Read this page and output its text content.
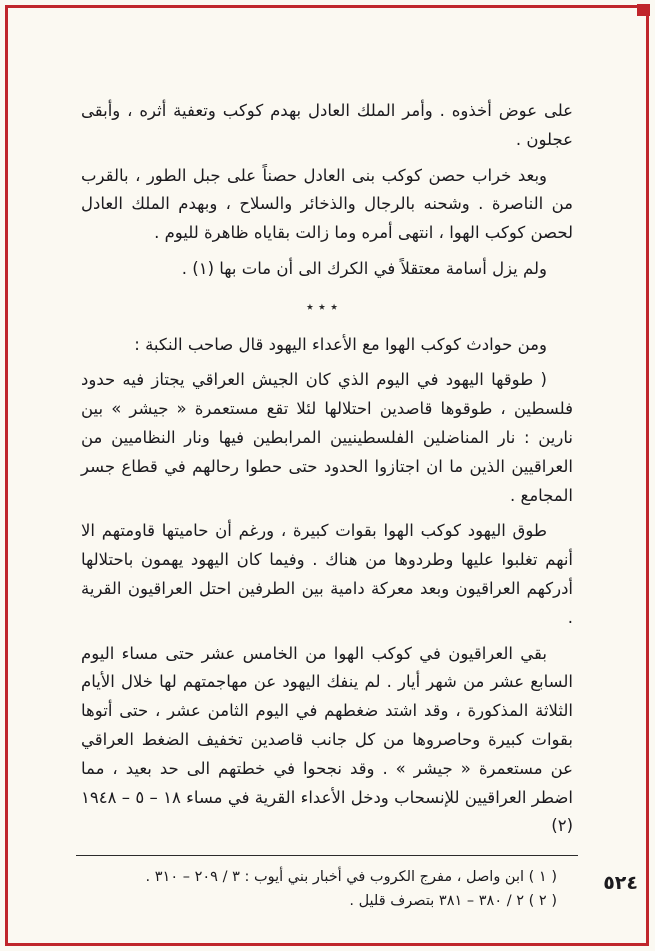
على عوض أخذوه . وأمر الملك العادل بهدم كوكب وتعفية أثره ، وأبقى عجلون .

وبعد خراب حصن كوكب بنى العادل حصناً على جبل الطور ، بالقرب من الناصرة . وشحنه بالرجال والذخائر والسلاح ، وبهدم الملك العادل لحصن كوكب الهوا ، انتهى أمره وما زالت بقاياه ظاهرة لليوم .

ولم يزل أسامة معتقلاً في الكرك الى أن مات بها (١) .

٭ ٭ ٭

ومن حوادث كوكب الهوا مع الأعداء اليهود قال صاحب النكبة :

( طوقها اليهود في اليوم الذي كان الجيش العراقي يجتاز فيه حدود فلسطين ، طوقوها قاصدين احتلالها لئلا تقع مستعمرة « جيشر » بين نارين : نار المناضلين الفلسطينيين المرابطين فيها ونار النظاميين من العراقيين الذين ما ان اجتازوا الحدود حتى حطوا رحالهم في قطاع جسر المجامع .

طوق اليهود كوكب الهوا بقوات كبيرة ، ورغم أن حاميتها قاومتهم الا أنهم تغلبوا عليها وطردوها من هناك . وفيما كان اليهود يهمون باحتلالها أدركهم العراقيون وبعد معركة دامية بين الطرفين احتل العراقيون القرية .

بقي العراقيون في كوكب الهوا من الخامس عشر حتى مساء اليوم السابع عشر من شهر أيار . لم ينفك اليهود عن مهاجمتهم لها خلال الأيام الثلاثة المذكورة ، وقد اشتد ضغطهم في اليوم الثامن عشر ، حتى أتوها بقوات كبيرة وحاصروها من كل جانب قاصدين تخفيف الضغط العراقي عن مستعمرة « جيشر » . وقد نجحوا في خطتهم الى حد بعيد ، مما اضطر العراقيين للإنسحاب ودخل الأعداء القرية في مساء ١٨ – ٥ – ١٩٤٨ (٢)

( ١ ) ابن واصل ، مفرج الكروب في أخبار بني أيوب : ٣ / ٢٠٩ – ٣١٠ .

( ٢ ) ٢ / ٣٨٠ – ٣٨١ بتصرف قليل .

٥٢٤
